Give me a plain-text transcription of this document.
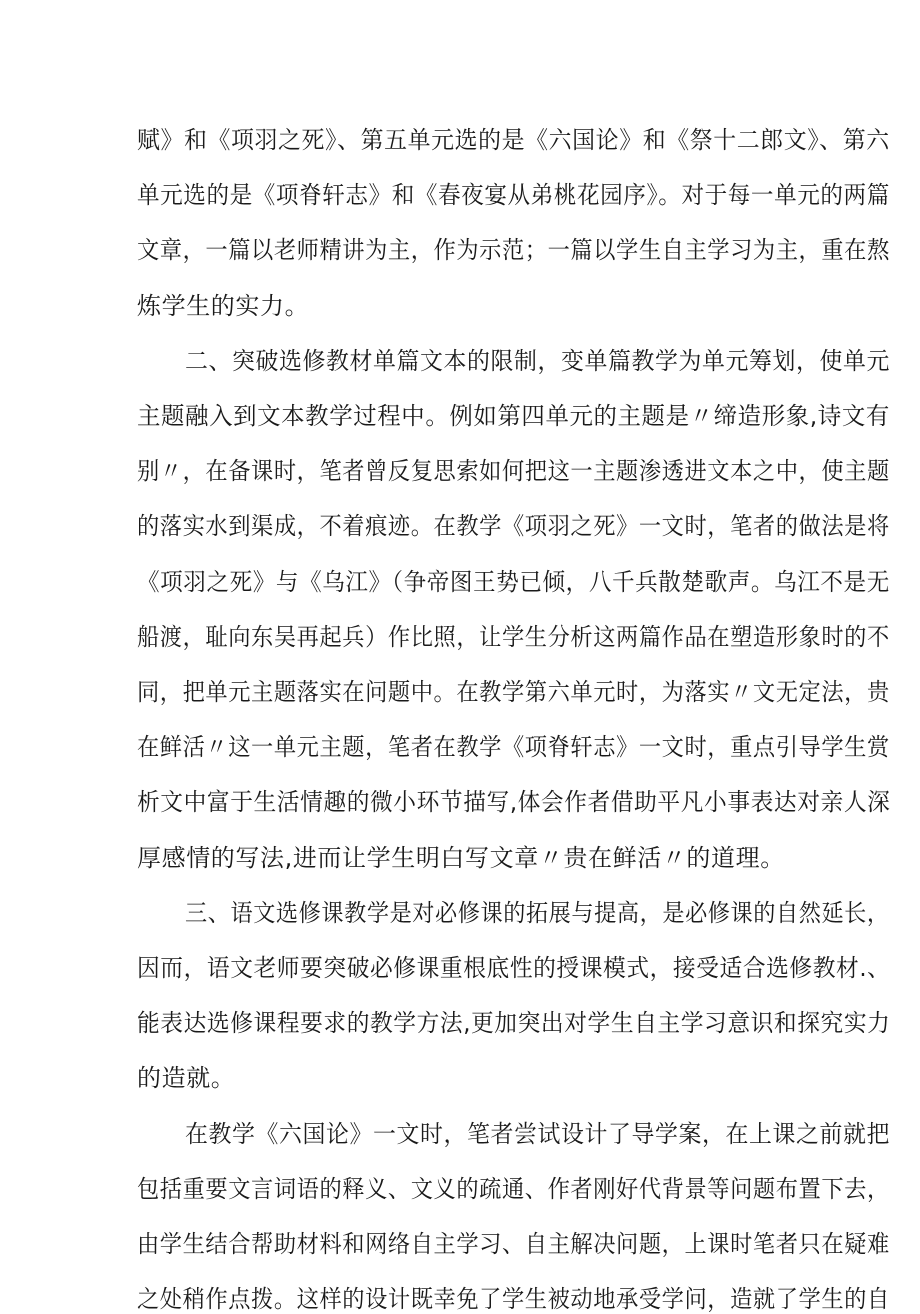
赋》和《项羽之死》、第五单元选的是《六国论》和《祭十二郎文》、第六
单元选的是《项脊轩志》和《春夜宴从弟桃花园序》。对于每一单元的两篇
文章，一篇以老师精讲为主，作为示范；一篇以学生自主学习为主，重在熬
炼学生的实力。
二、突破选修教材单篇文本的限制，变单篇教学为单元筹划，使单元
主题融入到文本教学过程中。例如第四单元的主题是〃缔造形象,诗文有
别〃，在备课时，笔者曾反复思索如何把这一主题渗透进文本之中，使主题
的落实水到渠成，不着痕迹。在教学《项羽之死》一文时，笔者的做法是将
《项羽之死》与《乌江》（争帝图王势已倾，八千兵散楚歌声。乌江不是无
船渡，耻向东吴再起兵）作比照，让学生分析这两篇作品在塑造形象时的不
同，把单元主题落实在问题中。在教学第六单元时，为落实〃文无定法，贵
在鲜活〃这一单元主题，笔者在教学《项脊轩志》一文时，重点引导学生赏
析文中富于生活情趣的微小环节描写,体会作者借助平凡小事表达对亲人深
厚感情的写法,进而让学生明白写文章〃贵在鲜活〃的道理。
三、语文选修课教学是对必修课的拓展与提高，是必修课的自然延长，
因而，语文老师要突破必修课重根底性的授课模式，接受适合选修教材.、
能表达选修课程要求的教学方法,更加突出对学生自主学习意识和探究实力
的造就。
在教学《六国论》一文时，笔者尝试设计了导学案，在上课之前就把
包括重要文言词语的释义、文义的疏通、作者刚好代背景等问题布置下去，
由学生结合帮助材料和网络自主学习、自主解决问题，上课时笔者只在疑难
之处稍作点拨。这样的设计既幸免了学生被动地承受学问，造就了学生的自
